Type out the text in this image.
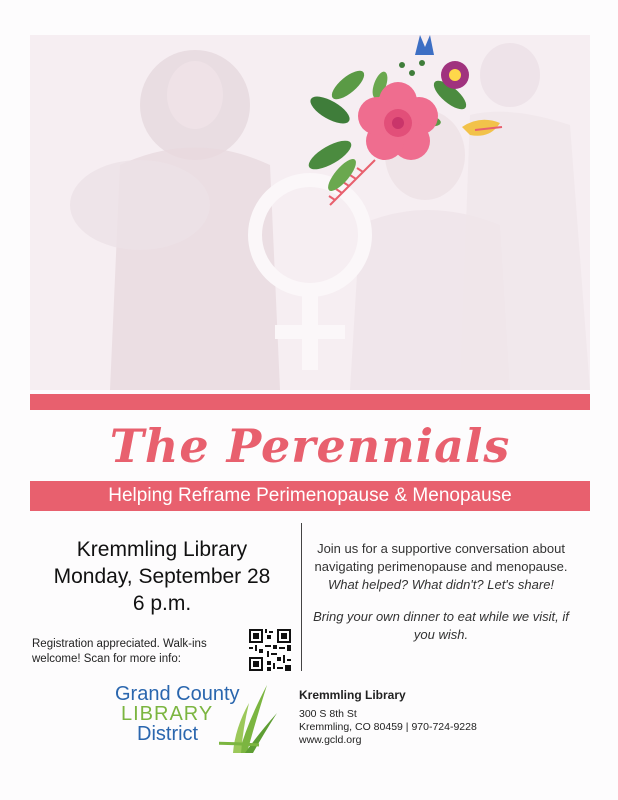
The Perennials
Helping Reframe Perimenopause & Menopause
Kremmling Library
Monday, September 28
6 p.m.

Join us for a supportive conversation about navigating perimenopause and menopause. What helped? What didn't? Let's share!

Bring your own dinner to eat while we visit, if you wish.

Registration appreciated. Walk-ins welcome! Scan for more info:
Grand County
LIBRARY
District
Kremmling Library
300 S 8th St
Kremmling, CO 80459 | 970-724-9228
www.gcld.org
